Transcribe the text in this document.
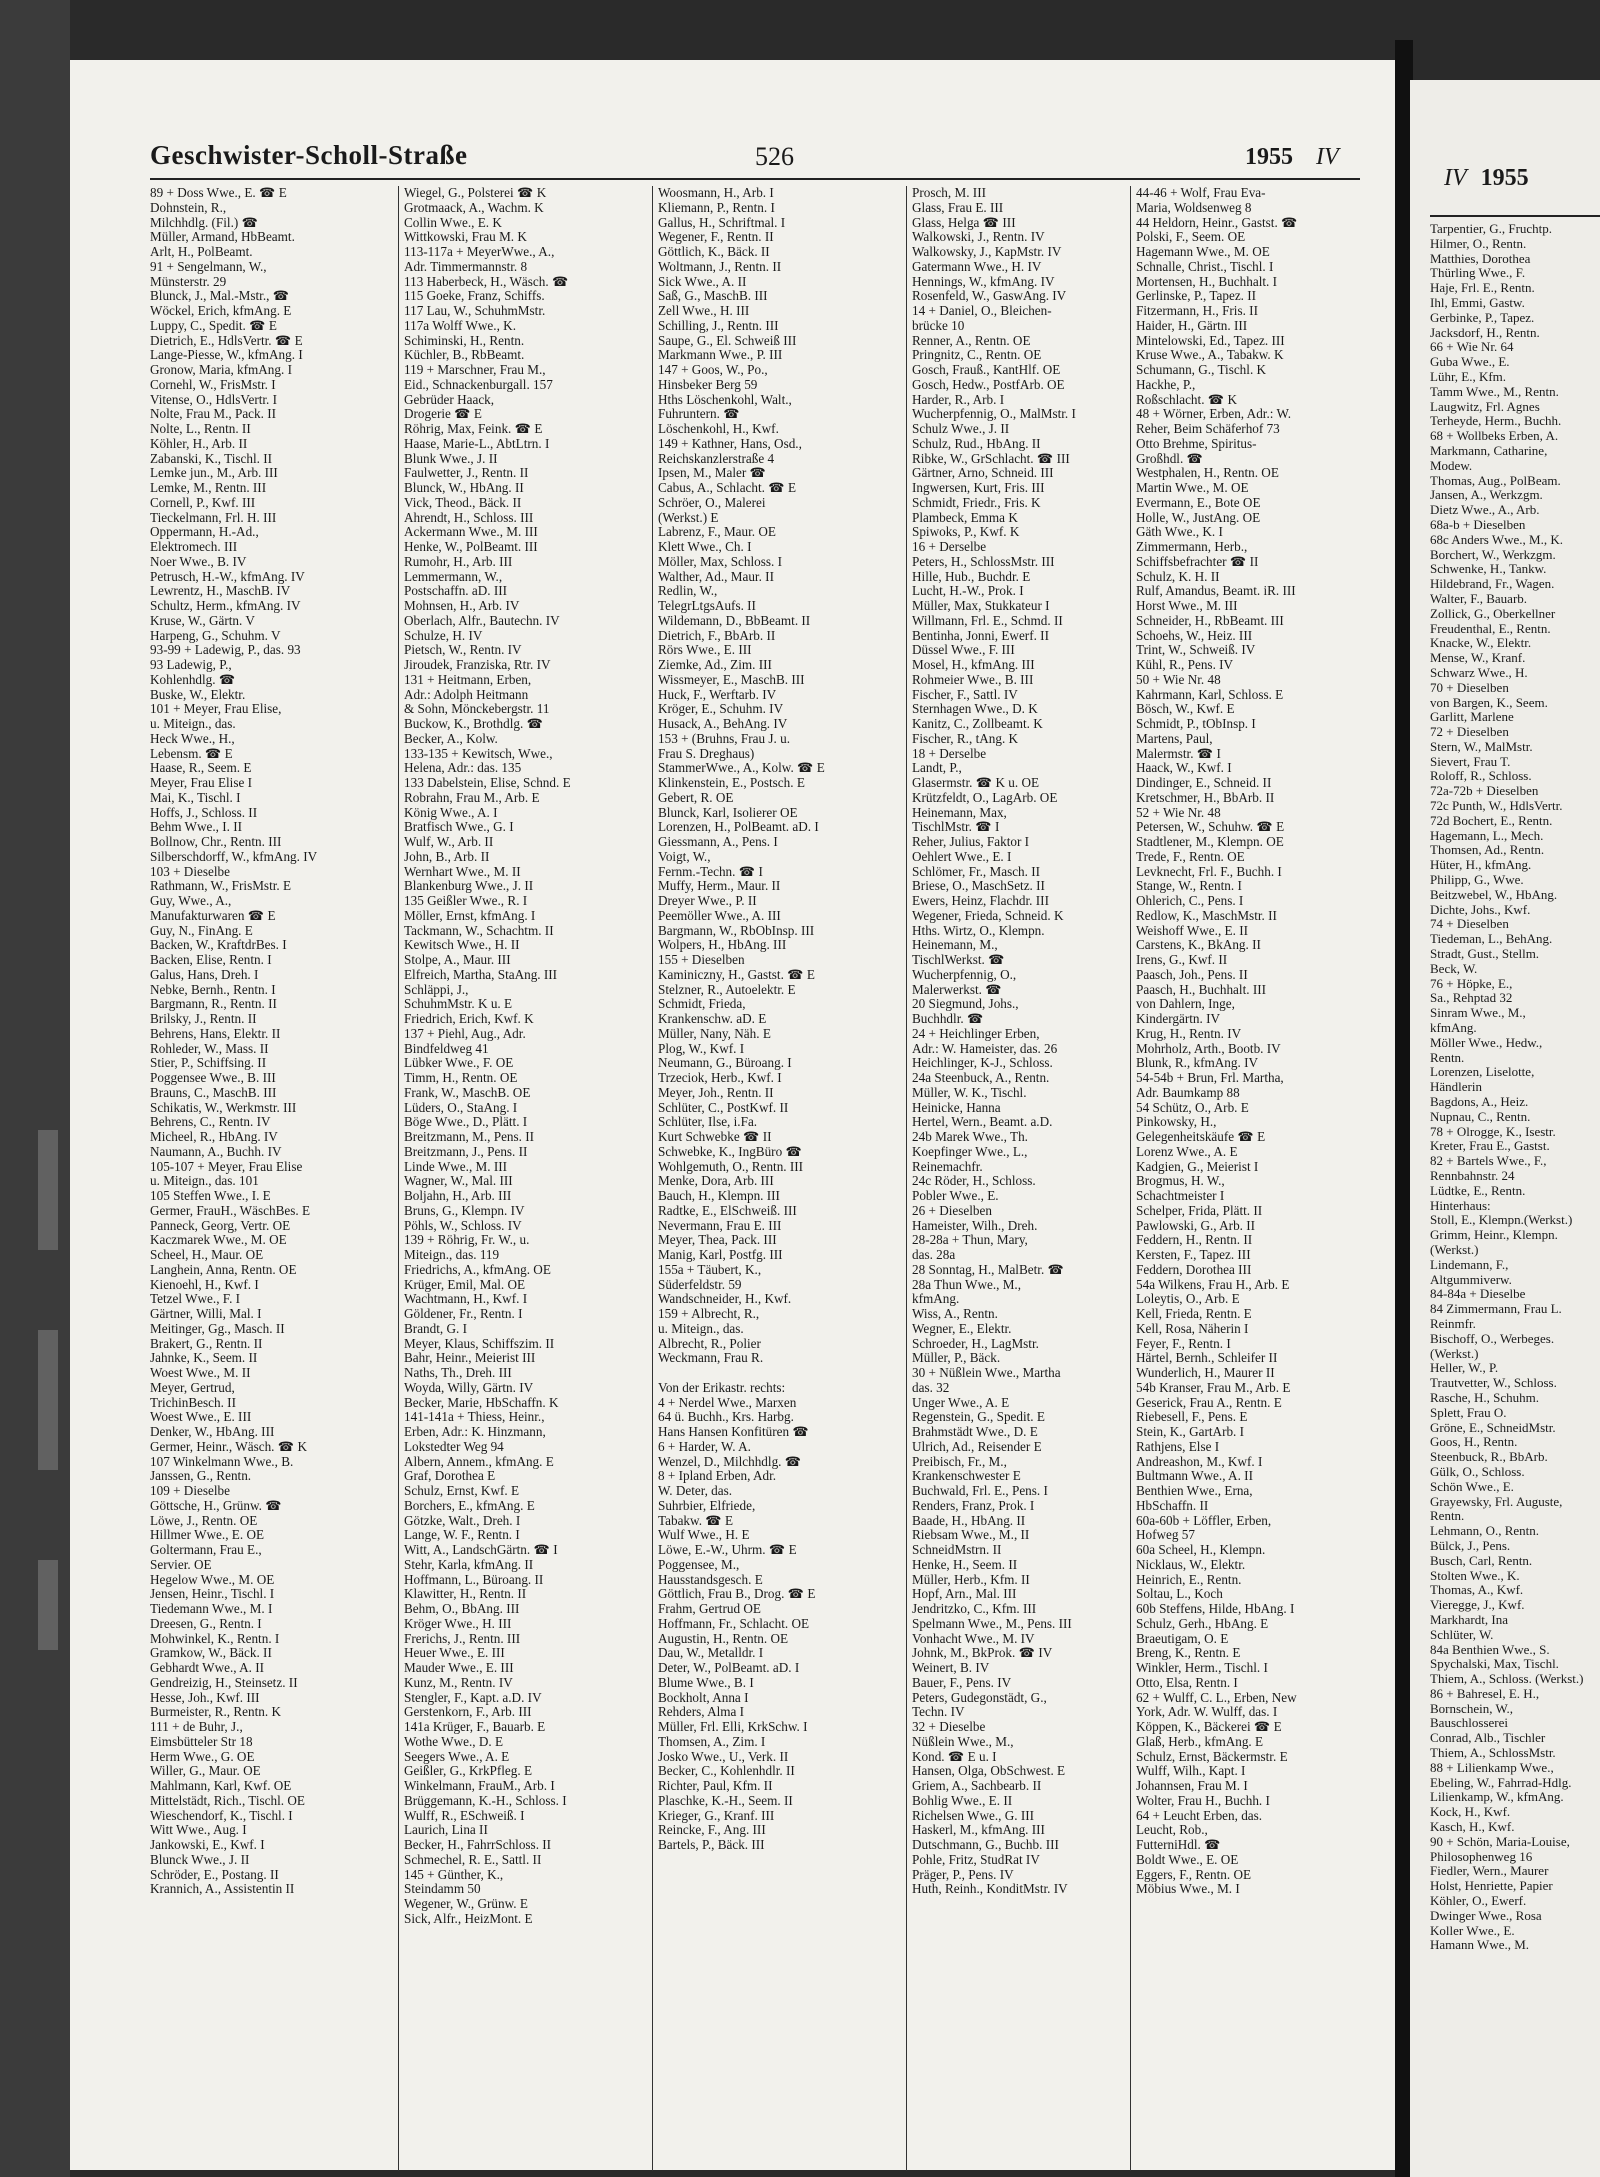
Geschwister-Scholl-Straße	526	1955 IV
89 + Doss Wwe., E. ☎ E
Dohnstein, R.,
Milchhdlg. (Fil.) ☎
Müller, Armand, HbBeamt.
Arlt, H., PolBeamt.
91 + Sengelmann, W.,
Münsterstr. 29
Blunck, J., Mal.-Mstr., ☎
Wöckel, Erich, kfmAng. E
Luppy, C., Spedit. ☎ E
Dietrich, E., HdlsVertr. ☎ E
Lange-Piesse, W., kfmAng. I
Gronow, Maria, kfmAng. I
Cornehl, W., FrisMstr. I
Vitense, O., HdlsVertr. I
Nolte, Frau M., Pack. II
Nolte, L., Rentn. II
Köhler, H., Arb. II
Zabanski, K., Tischl. II
Lemke jun., M., Arb. III
Lemke, M., Rentn. III
Cornell, P., Kwf. III
Tieckelmann, Frl. H. III
Oppermann, H.-Ad.,
Elektromech. III
Noer Wwe., B. IV
Petrusch, H.-W., kfmAng. IV
Lewrentz, H., MaschB. IV
Schultz, Herm., kfmAng. IV
Kruse, W., Gärtn. V
Harpeng, G., Schuhm. V
93-99 + Ladewig, P., das. 93
93 Ladewig, P.,
Kohlenhdlg. ☎
Buske, W., Elektr.
101 + Meyer, Frau Elise,
u. Miteign., das.
Heck Wwe., H.,
Lebensm. ☎ E
Haase, R., Seem. E
Meyer, Frau Elise I
Mai, K., Tischl. I
Hoffs, J., Schloss. II
Behm Wwe., I. II
Bollnow, Chr., Rentn. III
Silberschdorff, W., kfmAng. IV
103 + Dieselbe
Rathmann, W., FrisMstr. E
Guy, Wwe., A.,
Manufakturwaren ☎ E
Guy, N., FinAng. E
Backen, W., KraftdrBes. I
Backen, Elise, Rentn. I
Galus, Hans, Dreh. I
Nebke, Bernh., Rentn. I
Bargmann, R., Rentn. II
Brilsky, J., Rentn. II
Behrens, Hans, Elektr. II
Rohleder, W., Mass. II
Stier, P., Schiffsing. II
Poggensee Wwe., B. III
Brauns, C., MaschB. III
Schikatis, W., Werkmstr. III
Behrens, C., Rentn. IV
Micheel, R., HbAng. IV
Naumann, A., Buchh. IV
105-107 + Meyer, Frau Elise
u. Miteign., das. 101
105 Steffen Wwe., I. E
Germer, FrauH., WäschBes. E
Panneck, Georg, Vertr. OE
Kaczmarek Wwe., M. OE
Scheel, H., Maur. OE
Langhein, Anna, Rentn. OE
Kienoehl, H., Kwf. I
Tetzel Wwe., F. I
Gärtner, Willi, Mal. I
Meitinger, Gg., Masch. II
Brakert, G., Rentn. II
Jahnke, K., Seem. II
Woest Wwe., M. II
Meyer, Gertrud,
TrichinBesch. II
Woest Wwe., E. III
Denker, W., HbAng. III
Germer, Heinr., Wäsch. ☎ K
107 Winkelmann Wwe., B.
Janssen, G., Rentn.
109 + Dieselbe
Göttsche, H., Grünw. ☎
Löwe, J., Rentn. OE
Hillmer Wwe., E. OE
Goltermann, Frau E.,
Servier. OE
Hegelow Wwe., M. OE
Jensen, Heinr., Tischl. I
Tiedemann Wwe., M. I
Dreesen, G., Rentn. I
Mohwinkel, K., Rentn. I
Gramkow, W., Bäck. II
Gebhardt Wwe., A. II
Gendreizig, H., Steinsetz. II
Hesse, Joh., Kwf. III
Burmeister, R., Rentn. K
111 + de Buhr, J.,
Eimsbütteler Str 18
Herm Wwe., G. OE
Willer, G., Maur. OE
Mahlmann, Karl, Kwf. OE
Mittelstädt, Rich., Tischl. OE
Wieschendorf, K., Tischl. I
Witt Wwe., Aug. I
Jankowski, E., Kwf. I
Blunck Wwe., J. II
Schröder, E., Postang. II
Krannich, A., Assistentin II
Wiegel, G., Polsterei ☎ K
Grotmaack, A., Wachm. K
Collin Wwe., E. K
Wittkowski, Frau M. K
113-117a + MeyerWwe., A.,
Adr. Timmermannstr. 8
113 Haberbeck, H., Wäsch. ☎
115 Goeke, Franz, Schiffs.
117 Lau, W., SchuhmMstr.
117a Wolff Wwe., K.
Schiminski, H., Rentn.
Küchler, B., RbBeamt.
119 + Marschner, Frau M.,
Eid., Schnackenburgall. 157
Gebrüder Haack,
Drogerie ☎ E
Röhrig, Max, Feink. ☎ E
Haase, Marie-L., AbtLtrn. I
Blunk Wwe., J. II
Faulwetter, J., Rentn. II
Blunck, W., HbAng. II
Vick, Theod., Bäck. II
Ahrendt, H., Schloss. III
Ackermann Wwe., M. III
Henke, W., PolBeamt. III
Rumohr, H., Arb. III
Lemmermann, W.,
Postschaffn. aD. III
Mohnsen, H., Arb. IV
Oberlach, Alfr., Bautechn. IV
Schulze, H. IV
Pietsch, W., Rentn. IV
Jiroudek, Franziska, Rtr. IV
131 + Heitmann, Erben,
Adr.: Adolph Heitmann
& Sohn, Mönckebergstr. 11
Buckow, K., Brothdlg. ☎
Becker, A., Kolw.
133-135 + Kewitsch, Wwe.,
Helena, Adr.: das. 135
133 Dabelstein, Elise, Schnd. E
Robrahn, Frau M., Arb. E
König Wwe., A. I
Bratfisch Wwe., G. I
Wulf, W., Arb. II
John, B., Arb. II
Wernhart Wwe., M. II
Blankenburg Wwe., J. II
135 Geißler Wwe., R. I
Möller, Ernst, kfmAng. I
Tackmann, W., Schachtm. II
Kewitsch Wwe., H. II
Stolpe, A., Maur. III
Elfreich, Martha, StaAng. III
Schläppi, J.,
SchuhmMstr. K u. E
Friedrich, Erich, Kwf. K
137 + Piehl, Aug., Adr.
Bindfeldweg 41
Lübker Wwe., F. OE
Timm, H., Rentn. OE
Frank, W., MaschB. OE
Lüders, O., StaAng. I
Böge Wwe., D., Plätt. I
Breitzmann, M., Pens. II
Breitzmann, J., Pens. II
Linde Wwe., M. III
Wagner, W., Mal. III
Boljahn, H., Arb. III
Bruns, G., Klempn. IV
Pöhls, W., Schloss. IV
139 + Röhrig, Fr. W., u.
Miteign., das. 119
Friedrichs, A., kfmAng. OE
Krüger, Emil, Mal. OE
Wachtmann, H., Kwf. I
Göldener, Fr., Rentn. I
Brandt, G. I
Meyer, Klaus, Schiffszim. II
Bahr, Heinr., Meierist III
Naths, Th., Dreh. III
Woyda, Willy, Gärtn. IV
Becker, Marie, HbSchaffn. K
141-141a + Thiess, Heinr.,
Erben, Adr.: K. Hinzmann,
Lokstedter Weg 94
Albern, Annem., kfmAng. E
Graf, Dorothea E
Schulz, Ernst, Kwf. E
Borchers, E., kfmAng. E
Götzke, Walt., Dreh. I
Lange, W. F., Rentn. I
Witt, A., LandschGärtn. ☎ I
Stehr, Karla, kfmAng. II
Hoffmann, L., Büroang. II
Klawitter, H., Rentn. II
Behm, O., BbAng. III
Kröger Wwe., H. III
Frerichs, J., Rentn. III
Heuer Wwe., E. III
Mauder Wwe., E. III
Kunz, M., Rentn. IV
Stengler, F., Kapt. a.D. IV
Gerstenkorn, F., Arb. III
141a Krüger, F., Bauarb. E
Wothe Wwe., D. E
Seegers Wwe., A. E
Geißler, G., KrkPfleg. E
Winkelmann, FrauM., Arb. I
Brüggemann, K.-H., Schloss. I
Wulff, R., ESchweiß. I
Laurich, Lina II
Becker, H., FahrrSchloss. II
Schmechel, R. E., Sattl. II
145 + Günther, K.,
Steindamm 50
Wegener, W., Grünw. E
Sick, Alfr., HeizMont. E
Woosmann, H., Arb. I
Kliemann, P., Rentn. I
Gallus, H., Schriftmal. I
Wegener, F., Rentn. II
Göttlich, K., Bäck. II
Woltmann, J., Rentn. II
Sick Wwe., A. II
Saß, G., MaschB. III
Zell Wwe., H. III
Schilling, J., Rentn. III
Saupe, G., El. Schweiß III
Markmann Wwe., P. III
147 + Goos, W., Po.,
Hinsbeker Berg 59
Hths Löschenkohl, Walt.,
Fuhruntern. ☎
Löschenkohl, H., Kwf.
149 + Kathner, Hans, Osd.,
Reichskanzlerstraße 4
Ipsen, M., Maler ☎
Cabus, A., Schlacht. ☎ E
Schröer, O., Malerei
(Werkst.) E
Labrenz, F., Maur. OE
Klett Wwe., Ch. I
Möller, Max, Schloss. I
Walther, Ad., Maur. II
Redlin, W.,
TelegrLtgsAufs. II
Wildemann, D., BbBeamt. II
Dietrich, F., BbArb. II
Rörs Wwe., E. III
Ziemke, Ad., Zim. III
Wissmeyer, E., MaschB. III
Huck, F., Werftarb. IV
Kröger, E., Schuhm. IV
Husack, A., BehAng. IV
153 + (Bruhns, Frau J. u.
Frau S. Dreghaus)
StammerWwe., A., Kolw. ☎ E
Klinkenstein, E., Postsch. E
Gebert, R. OE
Blunck, Karl, Isolierer OE
Lorenzen, H., PolBeamt. aD. I
Giessmann, A., Pens. I
Voigt, W.,
Fernm.-Techn. ☎ I
Muffy, Herm., Maur. II
Dreyer Wwe., P. II
Peemöller Wwe., A. III
Bargmann, W., RbObInsp. III
Wolpers, H., HbAng. III
155 + Dieselben
Kaminiczny, H., Gastst. ☎ E
Stelzner, R., Autoelektr. E
Schmidt, Frieda,
Krankenschw. aD. E
Müller, Nany, Näh. E
Plog, W., Kwf. I
Neumann, G., Büroang. I
Trzeciok, Herb., Kwf. I
Meyer, Joh., Rentn. II
Schlüter, C., PostKwf. II
Schlüter, Ilse, i.Fa.
Kurt Schwebke ☎ II
Schwebke, K., IngBüro ☎
Wohlgemuth, O., Rentn. III
Menke, Dora, Arb. III
Bauch, H., Klempn. III
Radtke, E., ElSchweiß. III
Nevermann, Frau E. III
Meyer, Thea, Pack. III
Manig, Karl, Postfg. III
155a + Täubert, K.,
Süderfeldstr. 59
Wandschneider, H., Kwf.
159 + Albrecht, R.,
u. Miteign., das.
Albrecht, R., Polier
Weckmann, Frau R.
Von der Erikastr. rechts:
4 + Nerdel Wwe., Marxen
64 ü. Buchh., Krs. Harbg.
Hans Hansen Konfitüren ☎
6 + Harder, W. A.
Wenzel, D., Milchhdlg. ☎
8 + Ipland Erben, Adr.
W. Deter, das.
Suhrbier, Elfriede,
Tabakw. ☎ E
Wulf Wwe., H. E
Löwe, E.-W., Uhrm. ☎ E
Poggensee, M.,
Hausstandsgesch. E
Göttlich, Frau B., Drog. ☎ E
Frahm, Gertrud OE
Hoffmann, Fr., Schlacht. OE
Augustin, H., Rentn. OE
Dau, W., Metalldr. I
Deter, W., PolBeamt. aD. I
Blume Wwe., B. I
Bockholt, Anna I
Rehders, Alma I
Müller, Frl. Elli, KrkSchw. I
Thomsen, A., Zim. I
Josko Wwe., U., Verk. II
Becker, C., Kohlenhdlr. II
Richter, Paul, Kfm. II
Plaschke, K.-H., Seem. II
Krieger, G., Kranf. III
Reincke, F., Ang. III
Bartels, P., Bäck. III
Prosch, M. III
Glass, Frau E. III
Glass, Helga ☎ III
Walkowski, J., Rentn. IV
Walkowsky, J., KapMstr. IV
Gatermann Wwe., H. IV
Hennings, W., kfmAng. IV
Rosenfeld, W., GaswAng. IV
14 + Daniel, O., Bleichen-
brücke 10
Renner, A., Rentn. OE
Pringnitz, C., Rentn. OE
Gosch, Frauß., KantHlf. OE
Gosch, Hedw., PostfArb. OE
Harder, R., Arb. I
Wucherpfennig, O., MalMstr. I
Schulz Wwe., J. II
Schulz, Rud., HbAng. II
Ribke, W., GrSchlacht. ☎ III
Gärtner, Arno, Schneid. III
Ingwersen, Kurt, Fris. III
Schmidt, Friedr., Fris. K
Plambeck, Emma K
Spiwoks, P., Kwf. K
16 + Derselbe
Peters, H., SchlossMstr. III
Hille, Hub., Buchdr. E
Lucht, H.-W., Prok. I
Müller, Max, Stukkateur I
Willmann, Frl. E., Schmd. II
Bentinha, Jonni, Ewerf. II
Düssel Wwe., F. III
Mosel, H., kfmAng. III
Rohmeier Wwe., B. III
Fischer, F., Sattl. IV
Sternhagen Wwe., D. K
Kanitz, C., Zollbeamt. K
Fischer, R., tAng. K
18 + Derselbe
Landt, P.,
Glasermstr. ☎ K u. OE
Krützfeldt, O., LagArb. OE
Heinemann, Max,
TischlMstr. ☎ I
Reher, Julius, Faktor I
Oehlert Wwe., E. I
Schlömer, Fr., Masch. II
Briese, O., MaschSetz. II
Ewers, Heinz, Flachdr. III
Wegener, Frieda, Schneid. K
Hths. Wirtz, O., Klempn.
Heinemann, M.,
TischlWerkst. ☎
Wucherpfennig, O.,
Malerwerkst. ☎
20 Siegmund, Johs.,
Buchhdlr. ☎
24 + Heichlinger Erben,
Adr.: W. Hameister, das. 26
Heichlinger, K-J., Schloss.
24a Steenbuck, A., Rentn.
Müller, W. K., Tischl.
Heinicke, Hanna
Hertel, Wern., Beamt. a.D.
24b Marek Wwe., Th.
Koepfinger Wwe., L.,
Reinemachfr.
24c Röder, H., Schloss.
Pobler Wwe., E.
26 + Dieselben
Hameister, Wilh., Dreh.
28-28a + Thun, Mary,
das. 28a
28 Sonntag, H., MalBetr. ☎
28a Thun Wwe., M.,
kfmAng.
Wiss, A., Rentn.
Wegner, E., Elektr.
Schroeder, H., LagMstr.
Müller, P., Bäck.
30 + Nüßlein Wwe., Martha
das. 32
Unger Wwe., A. E
Regenstein, G., Spedit. E
Brahmstädt Wwe., D. E
Ulrich, Ad., Reisender E
Preibisch, Fr., M.,
Krankenschwester E
Buchwald, Frl. E., Pens. I
Renders, Franz, Prok. I
Baade, H., HbAng. II
Riebsam Wwe., M., II
SchneidMstrn. II
Henke, H., Seem. II
Müller, Herb., Kfm. II
Hopf, Arn., Mal. III
Jendritzko, C., Kfm. III
Spelmann Wwe., M., Pens. III
Vonhacht Wwe., M. IV
Johnk, M., BkProk. ☎ IV
Weinert, B. IV
Bauer, F., Pens. IV
Peters, Gudegonstädt, G.,
Techn. IV
32 + Dieselbe
Nüßlein Wwe., M.,
Kond. ☎ E u. I
Hansen, Olga, ObSchwest. E
Griem, A., Sachbearb. II
Bohlig Wwe., E. II
Richelsen Wwe., G. III
Haskerl, M., kfmAng. III
Dutschmann, G., Buchb. III
Pohle, Fritz, StudRat IV
Präger, P., Pens. IV
Huth, Reinh., KonditMstr. IV
44-46 + Wolf, Frau Eva-
Maria, Woldsenweg 8
44 Heldorn, Heinr., Gastst. ☎
Polski, F., Seem. OE
Hagemann Wwe., M. OE
Schnalle, Christ., Tischl. I
Mortensen, H., Buchhalt. I
Gerlinske, P., Tapez. II
Fitzermann, H., Fris. II
Haider, H., Gärtn. III
Mintelowski, Ed., Tapez. III
Kruse Wwe., A., Tabakw. K
Schumann, G., Tischl. K
Hackhe, P.,
Roßschlacht. ☎ K
48 + Wörner, Erben, Adr.: W.
Reher, Beim Schäferhof 73
Otto Brehme, Spiritus-
Großhdl. ☎
Westphalen, H., Rentn. OE
Martin Wwe., M. OE
Evermann, E., Bote OE
Holle, W., JustAng. OE
Gäth Wwe., K. I
Zimmermann, Herb.,
Schiffsbefrachter ☎ II
Schulz, K. H. II
Rulf, Amandus, Beamt. iR. III
Horst Wwe., M. III
Schneider, H., RbBeamt. III
Schoehs, W., Heiz. III
Trint, W., Schweiß. IV
Kühl, R., Pens. IV
50 + Wie Nr. 48
Kahrmann, Karl, Schloss. E
Bösch, W., Kwf. E
Schmidt, P., tObInsp. I
Martens, Paul,
Malermstr. ☎ I
Haack, W., Kwf. I
Dindinger, E., Schneid. II
Kretschmer, H., BbArb. II
52 + Wie Nr. 48
Petersen, W., Schuhw. ☎ E
Stadtlener, M., Klempn. OE
Trede, F., Rentn. OE
Levknecht, Frl. F., Buchh. I
Stange, W., Rentn. I
Ohlerich, C., Pens. I
Redlow, K., MaschMstr. II
Weishoff Wwe., E. II
Carstens, K., BkAng. II
Irens, G., Kwf. II
Paasch, Joh., Pens. II
Paasch, H., Buchhalt. III
von Dahlern, Inge,
Kindergärtn. IV
Krug, H., Rentn. IV
Mohrholz, Arth., Bootb. IV
Blunk, R., kfmAng. IV
54-54b + Brun, Frl. Martha,
Adr. Baumkamp 88
54 Schütz, O., Arb. E
Pinkowsky, H.,
Gelegenheitskäufe ☎ E
Lorenz Wwe., A. E
Kadgien, G., Meierist I
Brogmus, H. W.,
Schachtmeister I
Schelper, Frida, Plätt. II
Pawlowski, G., Arb. II
Feddern, H., Rentn. II
Kersten, F., Tapez. III
Feddern, Dorothea III
54a Wilkens, Frau H., Arb. E
Loleytis, O., Arb. E
Kell, Frieda, Rentn. E
Kell, Rosa, Näherin I
Feyer, F., Rentn. I
Härtel, Bernh., Schleifer II
Wunderlich, H., Maurer II
54b Kranser, Frau M., Arb. E
Geserick, Frau A., Rentn. E
Riebesell, F., Pens. E
Stein, K., GartArb. I
Rathjens, Else I
Andreashon, M., Kwf. I
Bultmann Wwe., A. II
Benthien Wwe., Erna,
HbSchaffn. II
60a-60b + Löffler, Erben,
Hofweg 57
60a Scheel, H., Klempn.
Nicklaus, W., Elektr.
Heinrich, E., Rentn.
Soltau, L., Koch
60b Steffens, Hilde, HbAng. I
Schulz, Gerh., HbAng. E
Braeutigam, O. E
Breng, K., Rentn. E
Winkler, Herm., Tischl. I
Otto, Elsa, Rentn. I
62 + Wulff, C. L., Erben, New
York, Adr. W. Wulff, das. I
Köppen, K., Bäckerei ☎ E
Glaß, Herb., kfmAng. E
Schulz, Ernst, Bäckermstr. E
Wulff, Wilh., Kapt. I
Johannsen, Frau M. I
Wolter, Frau H., Buchh. I
64 + Leucht Erben, das.
Leucht, Rob.,
FutterniHdl. ☎
Boldt Wwe., E. OE
Eggers, F., Rentn. OE
Möbius Wwe., M. I
IV 1955
Tarpentier, G., Fruchtp.
Hilmer, O., Rentn.
Matthies, Dorothea
Thürling Wwe., F.
Haje, Frl. E., Rentn.
Ihl, Emmi, Gastw.
Gerbinke, P., Tapez.
Jacksdorf, H., Rentn.
66 + Wie Nr. 64
Guba Wwe., E.
Lühr, E., Kfm.
Tamm Wwe., M., Rentn.
Laugwitz, Frl. Agnes
Terheyde, Herm., Buchh.
68 + Wollbeks Erben, A.
Markmann, Catharine,
Modew.
Thomas, Aug., PolBeam.
Jansen, A., Werkzgm.
Dietz Wwe., A., Arb.
68a-b + Dieselben
68c Anders Wwe., M., K.
Borchert, W., Werkzgm.
Schwenke, H., Tankw.
Hildebrand, Fr., Wagen.
Walter, F., Bauarb.
Zollick, G., Oberkellner
Freudenthal, E., Rentn.
Knacke, W., Elektr.
Mense, W., Kranf.
Schwarz Wwe., H.
70 + Dieselben
von Bargen, K., Seem.
Garlitt, Marlene
72 + Dieselben
Stern, W., MalMstr.
Sievert, Frau T.
Roloff, R., Schloss.
72a-72b + Dieselben
72c Punth, W., HdlsVertr.
72d Bochert, E., Rentn.
Hagemann, L., Mech.
Thomsen, Ad., Rentn.
Hüter, H., kfmAng.
Philipp, G., Wwe.
Beitzwebel, W., HbAng.
Dichte, Johs., Kwf.
74 + Dieselben
Tiedeman, L., BehAng.
Stradt, Gust., Stellm.
Beck, W.
76 + Höpke, E.,
Sa., Rehptad 32
Sinram Wwe., M.,
kfmAng.
Möller Wwe., Hedw.,
Rentn.
Lorenzen, Liselotte,
Händlerin
Bagdons, A., Heiz.
Nupnau, C., Rentn.
78 + Olrogge, K., Isestr.
Kreter, Frau E., Gastst.
82 + Bartels Wwe., F.,
Rennbahnstr. 24
Lüdtke, E., Rentn.
Hinterhaus:
Stoll, E., Klempn.(Werkst.)
Grimm, Heinr., Klempn.
(Werkst.)
Lindemann, F.,
Altgummiverw.
84-84a + Dieselbe
84 Zimmermann, Frau L.
Reinmfr.
Bischoff, O., Werbeges.
(Werkst.)
Heller, W., P.
Trautvetter, W., Schloss.
Rasche, H., Schuhm.
Splett, Frau O.
Gröne, E., SchneidMstr.
Goos, H., Rentn.
Steenbuck, R., BbArb.
Gülk, O., Schloss.
Schön Wwe., E.
Grayewsky, Frl. Auguste,
Rentn.
Lehmann, O., Rentn.
Bülck, J., Pens.
Busch, Carl, Rentn.
Stolten Wwe., K.
Thomas, A., Kwf.
Vieregge, J., Kwf.
Markhardt, Ina
Schlüter, W.
84a Benthien Wwe., S.
Spychalski, Max, Tischl.
Thiem, A., Schloss. (Werkst.)
86 + Bahresel, E. H.,
Bornschein, W.,
Bauschlosserei
Conrad, Alb., Tischler
Thiem, A., SchlossMstr.
88 + Lilienkamp Wwe.,
Ebeling, W., Fahrrad-Hdlg.
Lilienkamp, W., kfmAng.
Kock, H., Kwf.
Kasch, H., Kwf.
90 + Schön, Maria-Louise,
Philosophenweg 16
Fiedler, Wern., Maurer
Holst, Henriette, Papier
Köhler, O., Ewerf.
Dwinger Wwe., Rosa
Koller Wwe., E.
Hamann Wwe., M.
